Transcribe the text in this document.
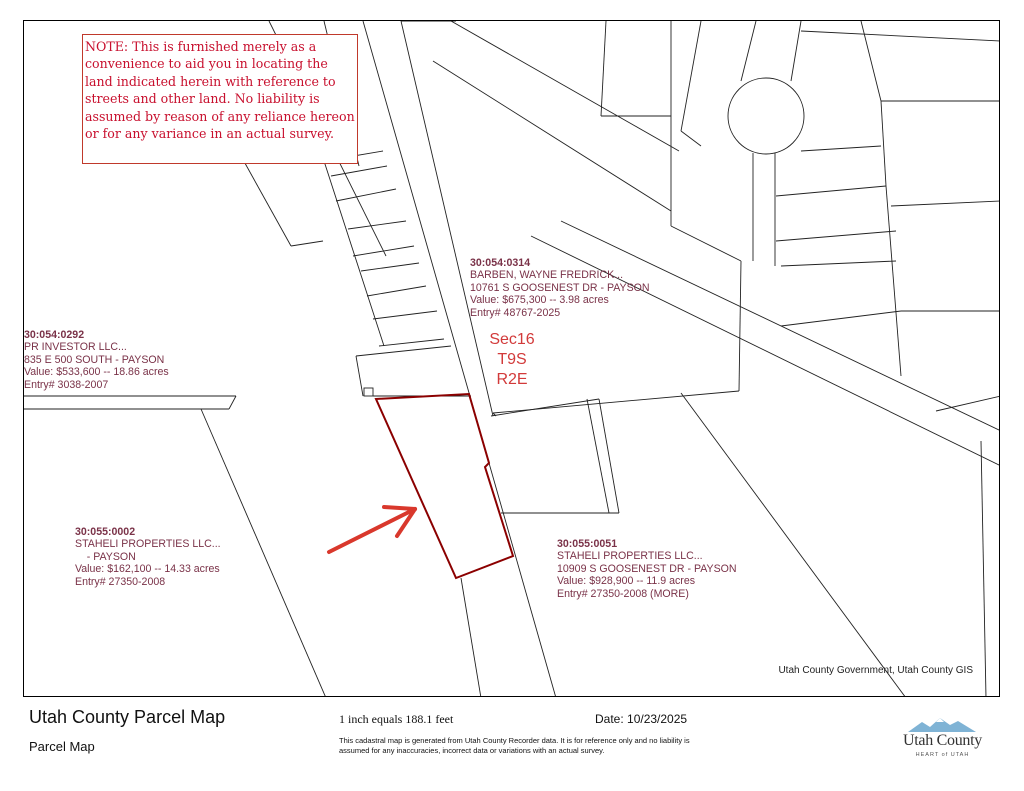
NOTE: This is furnished merely as a convenience to aid you in locating the land indicated herein with reference to streets and other land. No liability is assumed by reason of any reliance hereon or for any variance in an actual survey.
30:054:0314
BARBEN, WAYNE FREDRICK...
10761 S GOOSENEST DR - PAYSON
Value: $675,300 -- 3.98 acres
Entry# 48767-2025
30:054:0292
PR INVESTOR LLC...
835 E 500 SOUTH - PAYSON
Value: $533,600 -- 18.86 acres
Entry# 3038-2007
30:055:0002
STAHELI PROPERTIES LLC...
- PAYSON
Value: $162,100 -- 14.33 acres
Entry# 27350-2008
30:055:0051
STAHELI PROPERTIES LLC...
10909 S GOOSENEST DR - PAYSON
Value: $928,900 -- 11.9 acres
Entry# 27350-2008 (MORE)
Sec16
T9S
R2E
Utah County Government, Utah County GIS
Utah County Parcel Map
Parcel Map
1 inch equals 188.1 feet	Date: 10/23/2025
This cadastral map is generated from Utah County Recorder data. It is for reference only and no liability is assumed for any inaccuracies, incorrect data or variations with an actual survey.
Utah County
HEART of UTAH
